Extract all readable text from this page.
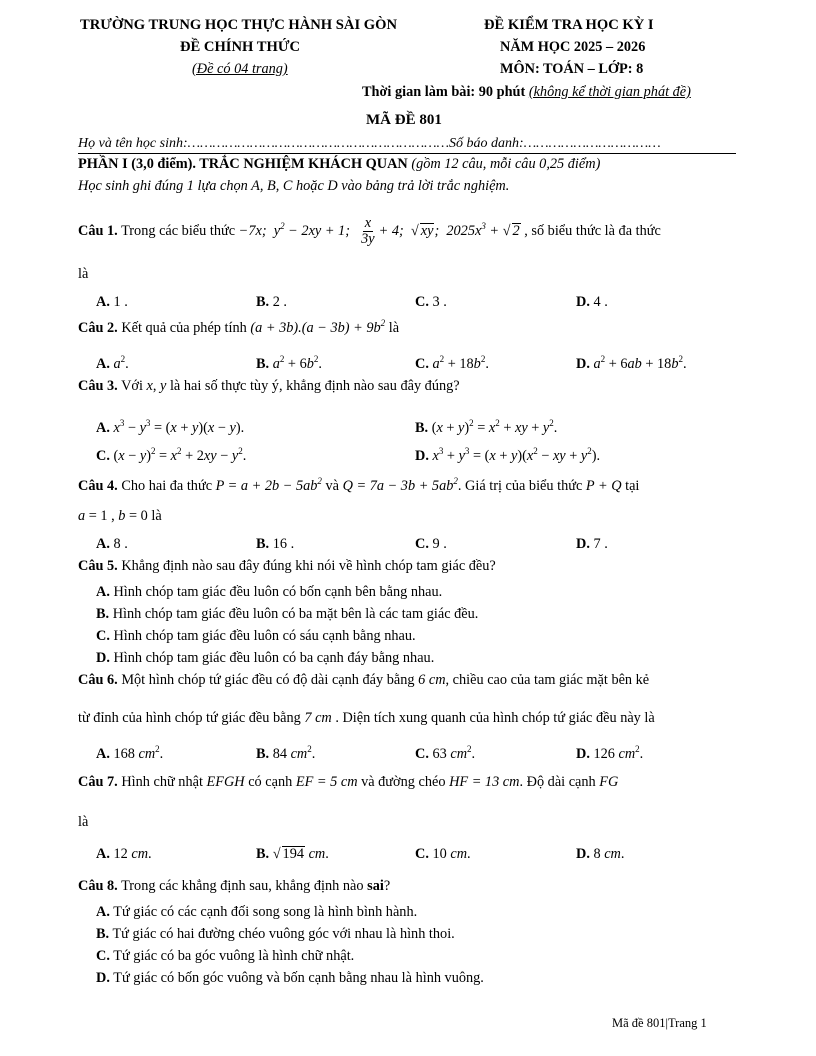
TRƯỜNG TRUNG HỌC THỰC HÀNH SÀI GÒN
ĐỀ CHÍNH THỨC
(Đề có 04 trang)
ĐỀ KIỂM TRA HỌC KỲ I
NĂM HỌC 2025 – 2026
MÔN: TOÁN – LỚP: 8
Thời gian làm bài: 90 phút (không kể thời gian phát đề)
MÃ ĐỀ 801
Họ và tên học sinh:………………………………………………………Số báo danh:……………………………
PHẦN I (3,0 điểm). TRẮC NGHIỆM KHÁCH QUAN (gồm 12 câu, mỗi câu 0,25 điểm)
Học sinh ghi đúng 1 lựa chọn A, B, C hoặc D vào bảng trả lời trắc nghiệm.
Câu 1. Trong các biểu thức −7x;  $y^2 - 2xy + 1$; $\frac{x}{3y} + 4$;  √ xy;  $2025x^3$ + √ 2 , số biểu thức là đa thức
là
A. 1 .	B. 2 .	C. 3 .	D. 4 .
Câu 2. Kết quả của phép tính $(a + 3b).(a - 3b) + 9b^2$ là
A. $a^2$.	B. $a^2 + 6b^2$.	C. $a^2 + 18b^2$.	D. $a^2 + 6ab + 18b^2$.
Câu 3. Với x, y là hai số thực tùy ý, khẳng định nào sau đây đúng?
A. $x^3 - y^3 = (x + y)(x - y)$.	B. $(x + y)^2 = x^2$ + xy + $y^2$.
C. $(x - y)^2 = x^2 + 2xy - y^2$.	D. $x^3 + y^3 = (x + y)(x^2$ − xy + $y^2$).
Câu 4. Cho hai đa thức $P = a + 2b - 5ab^2$ và $Q = 7a - 3b + 5ab^2$. Giá trị của biểu thức P + Q tại
a = 1 , b = 0 là
A. 8 .	B. 16 .	C. 9 .	D. 7 .
Câu 5. Khẳng định nào sau đây đúng khi nói về hình chóp tam giác đều?
A. Hình chóp tam giác đều luôn có bốn cạnh bên bằng nhau.
B. Hình chóp tam giác đều luôn có ba mặt bên là các tam giác đều.
C. Hình chóp tam giác đều luôn có sáu cạnh bằng nhau.
D. Hình chóp tam giác đều luôn có ba cạnh đáy bằng nhau.
Câu 6. Một hình chóp tứ giác đều có độ dài cạnh đáy bằng 6 cm, chiều cao của tam giác mặt bên kẻ
từ đỉnh của hình chóp tứ giác đều bằng 7 cm . Diện tích xung quanh của hình chóp tứ giác đều này là
A. 168 $cm^2$.	B. 84 $cm^2$.	C. 63 $cm^2$.	D. 126 $cm^2$.
Câu 7. Hình chữ nhật EFGH có cạnh EF = 5 cm và đường chéo HF = 13 cm. Độ dài cạnh FG
là
A. 12 cm.	B. √ 194 cm.	C. 10 cm.	D. 8 cm.
Câu 8. Trong các khẳng định sau, khẳng định nào sai?
A. Tứ giác có các cạnh đối song song là hình bình hành.
B. Tứ giác có hai đường chéo vuông góc với nhau là hình thoi.
C. Tứ giác có ba góc vuông là hình chữ nhật.
D. Tứ giác có bốn góc vuông và bốn cạnh bằng nhau là hình vuông.
Mã đề 801|Trang 1
